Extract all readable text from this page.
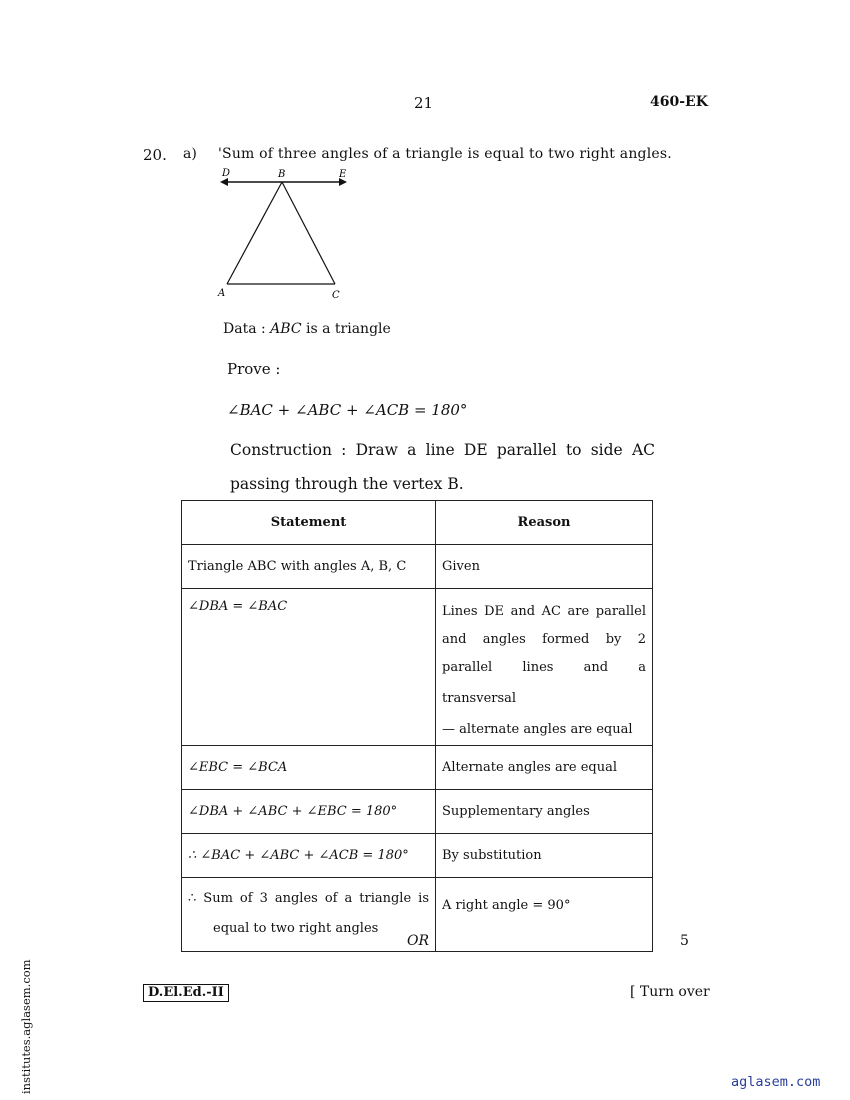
21	460-EK
20. a) 'Sum of three angles of a triangle is equal to two right angles.
D	B	E
A	C
Data : ABC is a triangle
Prove :
∠BAC + ∠ABC + ∠ACB = 180°
Construction : Draw a line DE parallel to side AC
passing through the vertex B.
Statement	Reason
Triangle ABC with angles A, B, C	Given
∠DBA = ∠BAC	Lines DE and AC are parallel
and angles formed by 2
parallel lines and a transversal
— alternate angles are equal

∠EBC = ∠BCA	Alternate angles are equal
∠DBA + ∠ABC + ∠EBC = 180°	Supplementary angles
∴ ∠BAC + ∠ABC + ∠ACB = 180°	By substitution

∴ Sum of 3 angles of a triangle is
equal to two right angles	A right angle = 90°
OR	5
D.El.Ed.-II	[ Turn over
institutes.aglasem.com	aglasem.com
